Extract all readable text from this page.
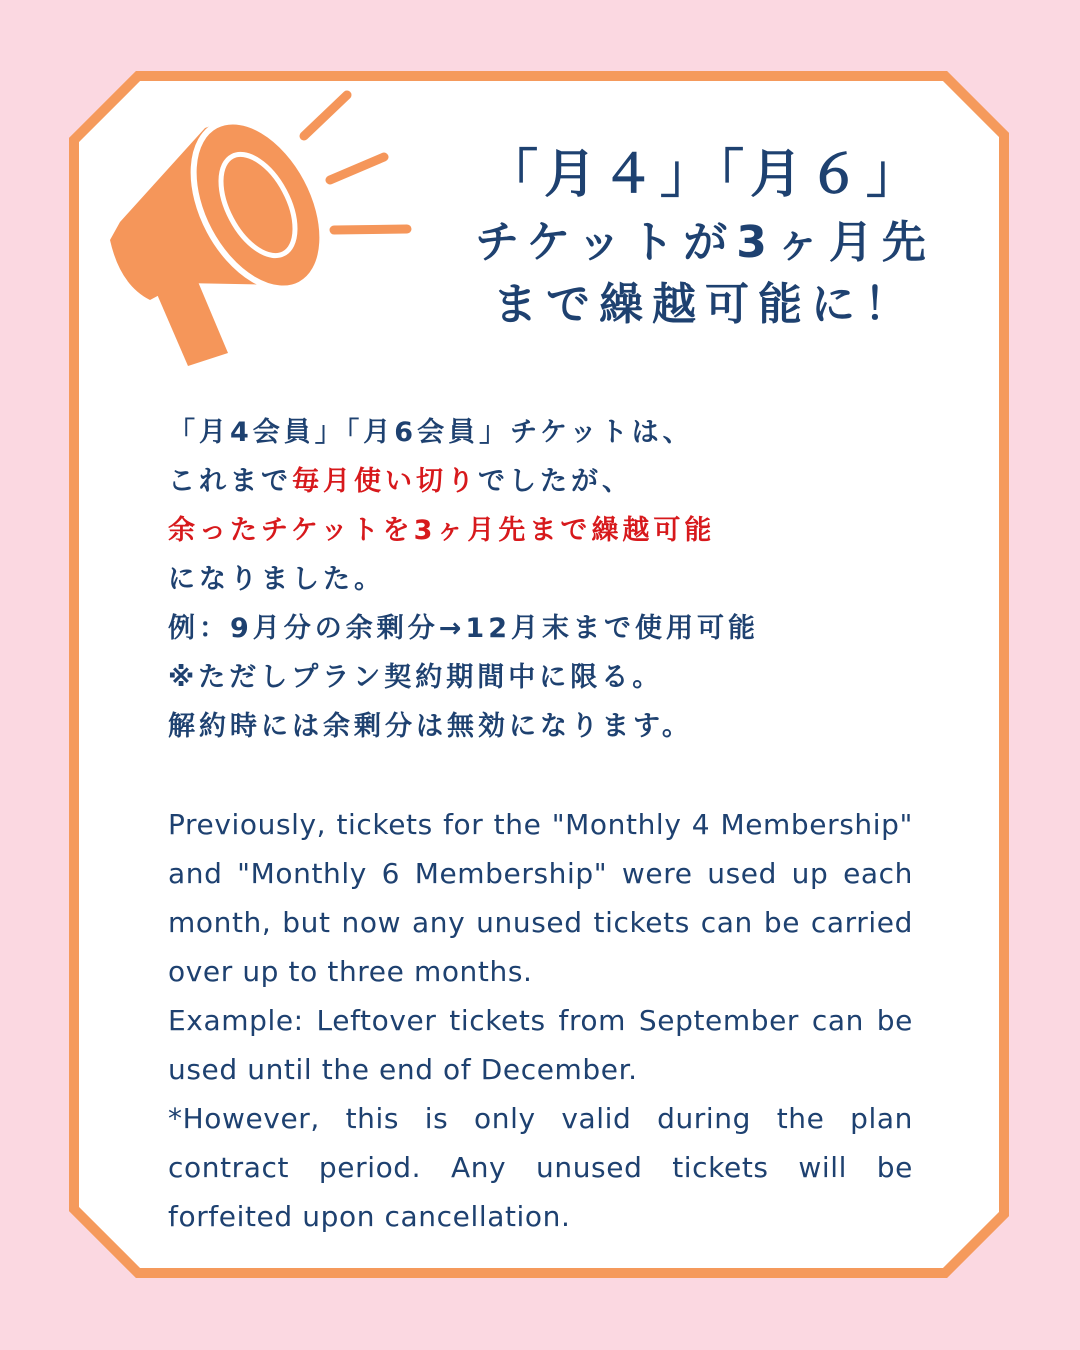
「月４」「月６」
チケットが3ヶ月先
まで繰越可能に！
「月4会員」「月6会員」チケットは、
これまで毎月使い切りでしたが、
余ったチケットを3ヶ月先まで繰越可能
になりました。
例：9月分の余剰分→12月末まで使用可能
※ただしプラン契約期間中に限る。
解約時には余剰分は無効になります。

Previously, tickets for the "Monthly 4 Membership" and "Monthly 6 Membership" were used up each month, but now any unused tickets can be carried over up to three months.

Example: Leftover tickets from September can be used until the end of December.

*However, this is only valid during the plan contract period. Any unused tickets will be forfeited upon cancellation.
